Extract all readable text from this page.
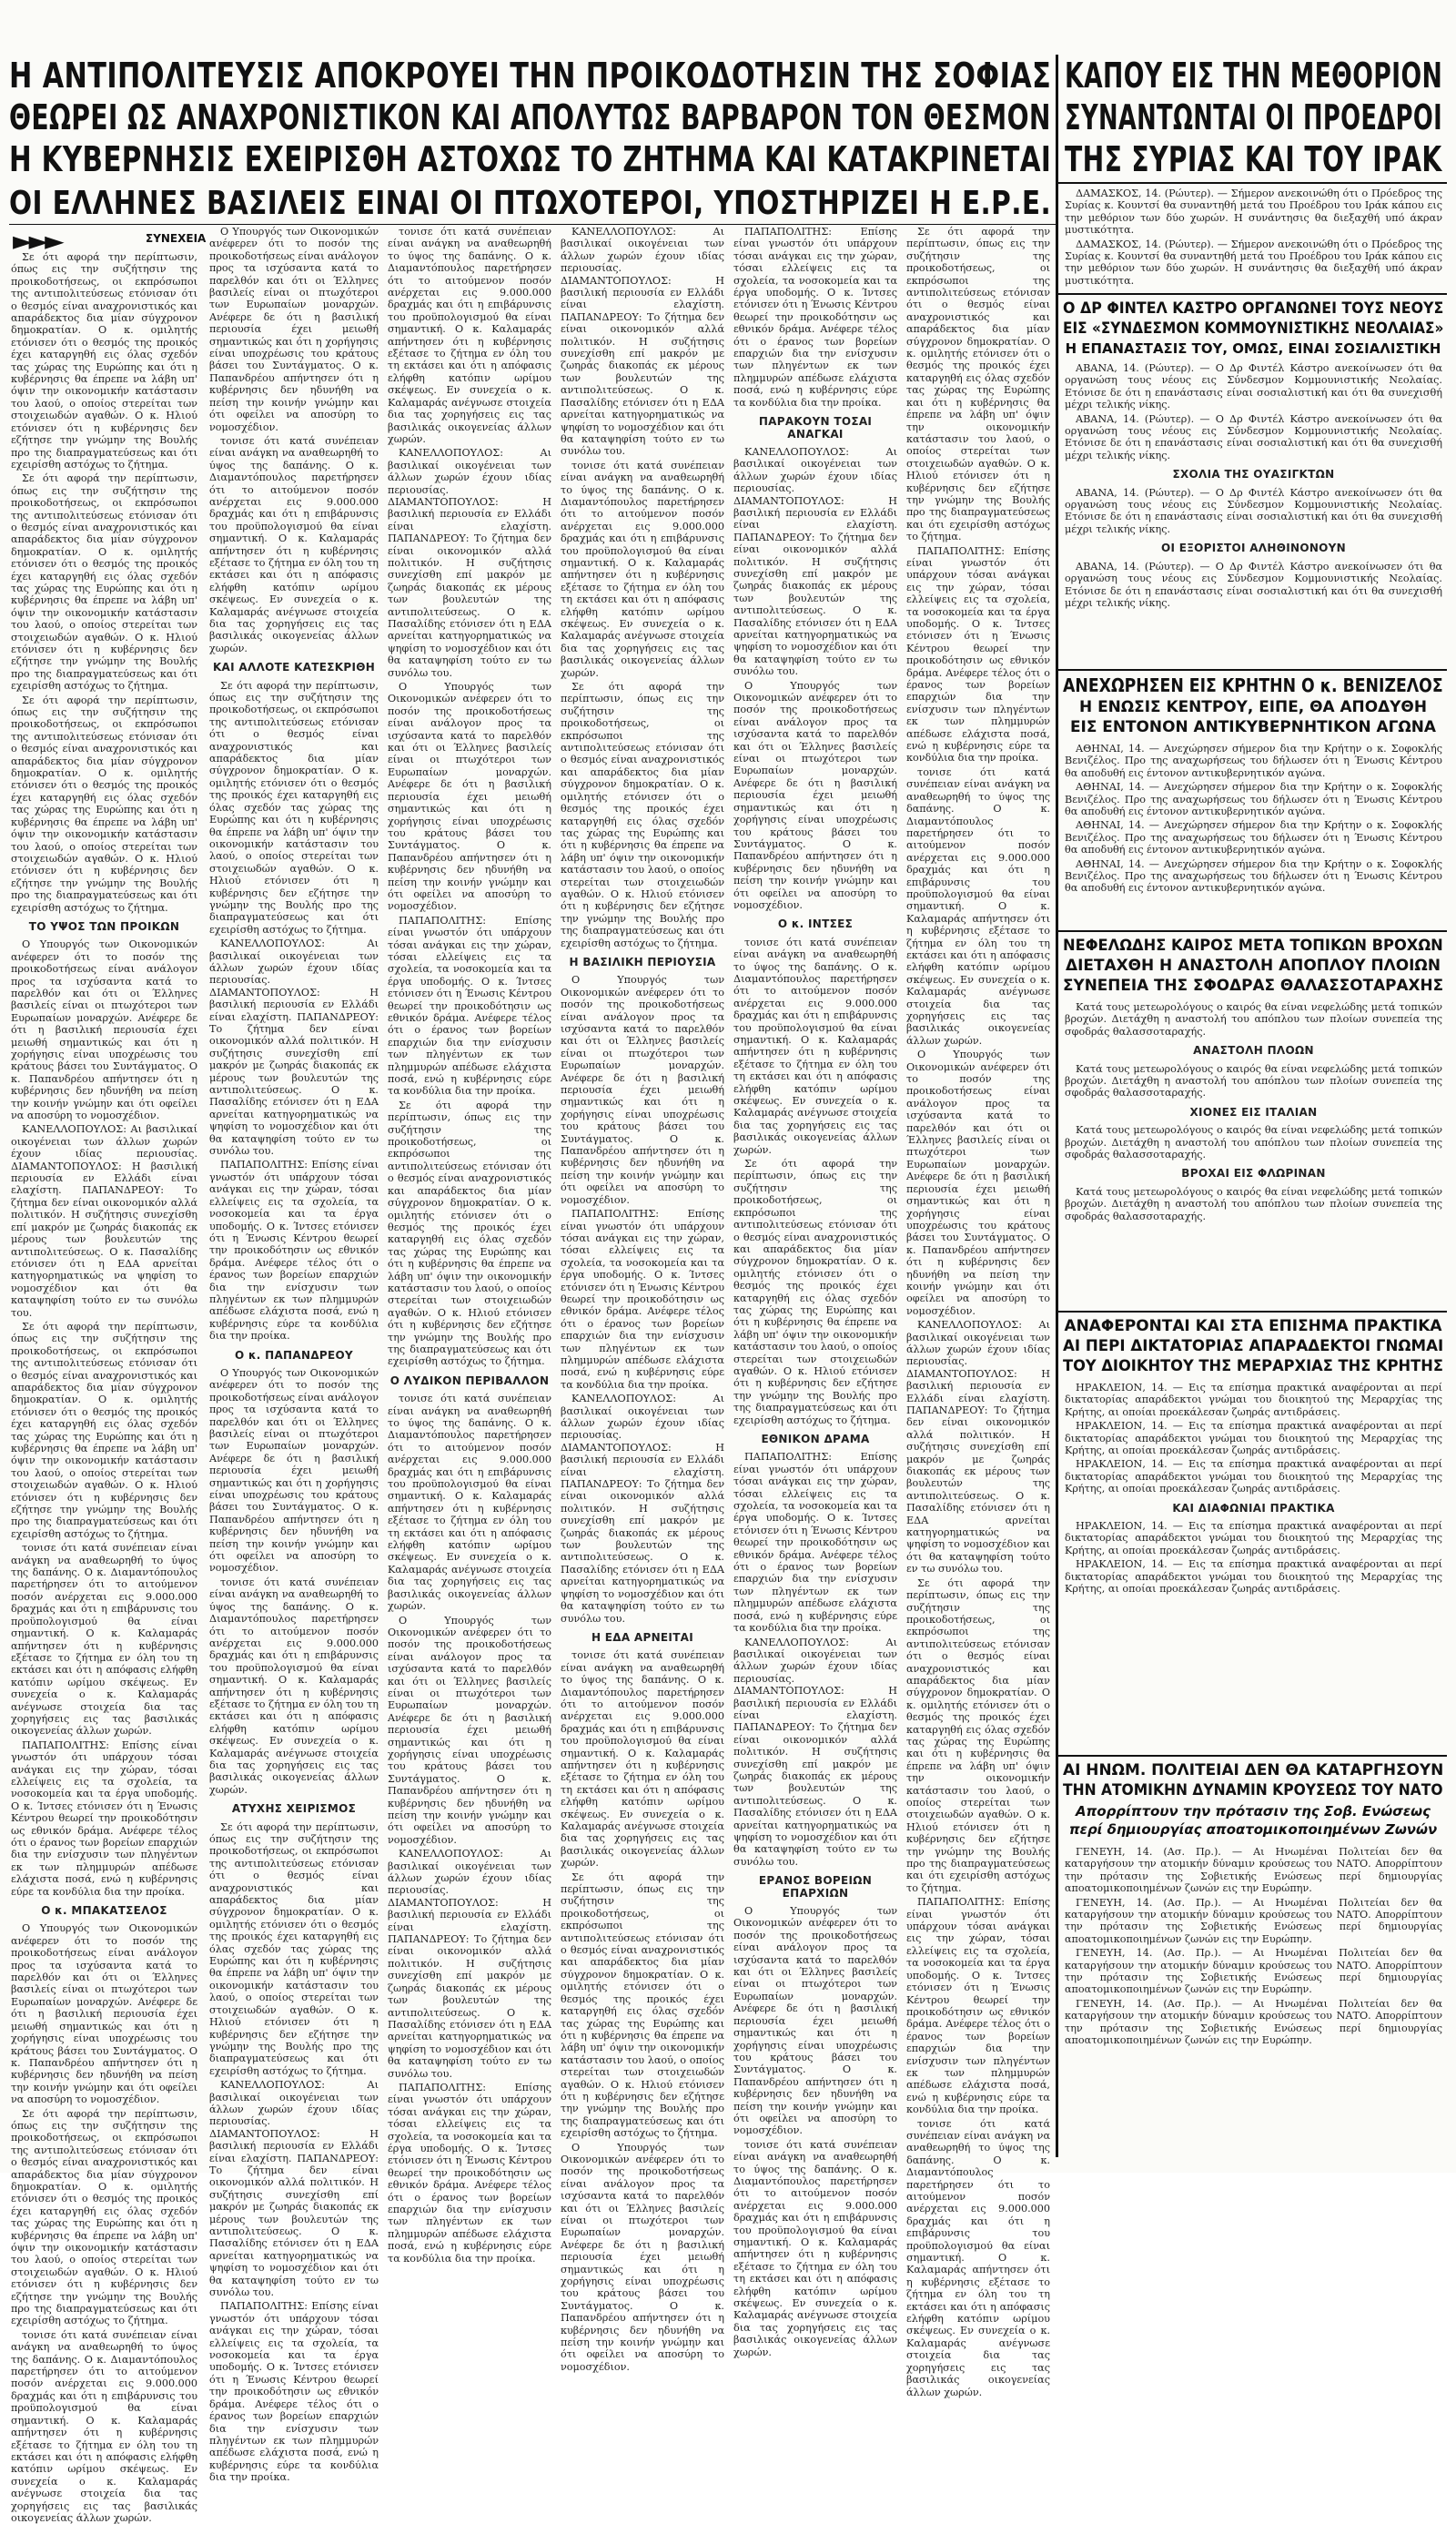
Η ΑΝΤΙΠΟΛΙΤΕΥΣΙΣ ΑΠΟΚΡΟΥΕΙ ΤΗΝ ΠΡΟΙΚΟΔΟΤΗΣΙΝ ΤΗΣ ΣΟΦΙΑΣ
ΘΕΩΡΕΙ ΩΣ ΑΝΑΧΡΟΝΙΣΤΙΚΟΝ ΚΑΙ ΑΠΟΛΥΤΩΣ ΒΑΡΒΑΡΟΝ ΤΟΝ ΘΕΣΜΟΝ
Η ΚΥΒΕΡΝΗΣΙΣ ΕΧΕΙΡΙΣΘΗ ΑΣΤΟΧΩΣ ΤΟ ΖΗΤΗΜΑ ΚΑΙ ΚΑΤΑΚΡΙΝΕΤΑΙ
ΟΙ ΕΛΛΗΝΕΣ ΒΑΣΙΛΕΙΣ ΕΙΝΑΙ ΟΙ ΠΤΩΧΟΤΕΡΟΙ, ΥΠΟΣΤΗΡΙΖΕΙ Η Ε.Ρ.Ε.
ΚΑΠΟΥ ΕΙΣ ΤΗΝ ΜΕΘΟΡΙΟΝ
ΣΥΝΑΝΤΩΝΤΑΙ ΟΙ ΠΡΟΕΔΡΟΙ
ΤΗΣ ΣΥΡΙΑΣ ΚΑΙ ΤΟΥ ΙΡΑΚ
►►►	ΣΥΝΕΧΕΙΑ

Σε ότι αφορά την περίπτωσιν, όπως εις την συζήτησιν της προικοδοτήσεως, οι εκπρόσωποι της αντιπολιτεύσεως ετόνισαν ότι ο θεσμός είναι αναχρονιστικός και απαράδεκτος δια μίαν σύγχρονον δημοκρατίαν. Ο κ. ομιλητής ετόνισεν ότι ο θεσμός της προικός έχει καταργηθή εις όλας σχεδόν τας χώρας της Ευρώπης και ότι η κυβέρνησις θα έπρεπε να λάβη υπ' όψιν την οικονομικήν κατάστασιν του λαού, ο οποίος στερείται των στοιχειωδών αγαθών. Ο κ. Ηλιού ετόνισεν ότι η κυβέρνησις δεν εζήτησε την γνώμην της Βουλής προ της διαπραγματεύσεως και ότι εχειρίσθη αστόχως το ζήτημα.

Σε ότι αφορά την περίπτωσιν, όπως εις την συζήτησιν της προικοδοτήσεως, οι εκπρόσωποι της αντιπολιτεύσεως ετόνισαν ότι ο θεσμός είναι αναχρονιστικός και απαράδεκτος δια μίαν σύγχρονον δημοκρατίαν. Ο κ. ομιλητής ετόνισεν ότι ο θεσμός της προικός έχει καταργηθή εις όλας σχεδόν τας χώρας της Ευρώπης και ότι η κυβέρνησις θα έπρεπε να λάβη υπ' όψιν την οικονομικήν κατάστασιν του λαού, ο οποίος στερείται των στοιχειωδών αγαθών. Ο κ. Ηλιού ετόνισεν ότι η κυβέρνησις δεν εζήτησε την γνώμην της Βουλής προ της διαπραγματεύσεως και ότι εχειρίσθη αστόχως το ζήτημα.

Σε ότι αφορά την περίπτωσιν, όπως εις την συζήτησιν της προικοδοτήσεως, οι εκπρόσωποι της αντιπολιτεύσεως ετόνισαν ότι ο θεσμός είναι αναχρονιστικός και απαράδεκτος δια μίαν σύγχρονον δημοκρατίαν. Ο κ. ομιλητής ετόνισεν ότι ο θεσμός της προικός έχει καταργηθή εις όλας σχεδόν τας χώρας της Ευρώπης και ότι η κυβέρνησις θα έπρεπε να λάβη υπ' όψιν την οικονομικήν κατάστασιν του λαού, ο οποίος στερείται των στοιχειωδών αγαθών. Ο κ. Ηλιού ετόνισεν ότι η κυβέρνησις δεν εζήτησε την γνώμην της Βουλής προ της διαπραγματεύσεως και ότι εχειρίσθη αστόχως το ζήτημα.

ΤΟ ΥΨΟΣ ΤΩΝ ΠΡΟΙΚΩΝ

Ο Υπουργός των Οικονομικών ανέφερεν ότι το ποσόν της προικοδοτήσεως είναι ανάλογον προς τα ισχύσαντα κατά το παρελθόν και ότι οι Έλληνες βασιλείς είναι οι πτωχότεροι των Ευρωπαίων μοναρχών. Ανέφερε δε ότι η βασιλική περιουσία έχει μειωθή σημαντικώς και ότι η χορήγησις είναι υποχρέωσις του κράτους βάσει του Συντάγματος. Ο κ. Παπανδρέου απήντησεν ότι η κυβέρνησις δεν ηδυνήθη να πείση την κοινήν γνώμην και ότι οφείλει να αποσύρη το νομοσχέδιον.

ΚΑΝΕΛΛΟΠΟΥΛΟΣ: Αι βασιλικαί οικογένειαι των άλλων χωρών έχουν ιδίας περιουσίας. ΔΙΑΜΑΝΤΟΠΟΥΛΟΣ: Η βασιλική περιουσία εν Ελλάδι είναι ελαχίστη. ΠΑΠΑΝΔΡΕΟΥ: Το ζήτημα δεν είναι οικονομικόν αλλά πολιτικόν. Η συζήτησις συνεχίσθη επί μακρόν με ζωηράς διακοπάς εκ μέρους των βουλευτών της αντιπολιτεύσεως. Ο κ. Πασαλίδης ετόνισεν ότι η ΕΔΑ αρνείται κατηγορηματικώς να ψηφίση το νομοσχέδιον και ότι θα καταψηφίση τούτο εν τω συνόλω του.

Σε ότι αφορά την περίπτωσιν, όπως εις την συζήτησιν της προικοδοτήσεως, οι εκπρόσωποι της αντιπολιτεύσεως ετόνισαν ότι ο θεσμός είναι αναχρονιστικός και απαράδεκτος δια μίαν σύγχρονον δημοκρατίαν. Ο κ. ομιλητής ετόνισεν ότι ο θεσμός της προικός έχει καταργηθή εις όλας σχεδόν τας χώρας της Ευρώπης και ότι η κυβέρνησις θα έπρεπε να λάβη υπ' όψιν την οικονομικήν κατάστασιν του λαού, ο οποίος στερείται των στοιχειωδών αγαθών. Ο κ. Ηλιού ετόνισεν ότι η κυβέρνησις δεν εζήτησε την γνώμην της Βουλής προ της διαπραγματεύσεως και ότι εχειρίσθη αστόχως το ζήτημα.

τονισε ότι κατά συνέπειαν είναι ανάγκη να αναθεωρηθή το ύψος της δαπάνης. Ο κ. Διαμαντόπουλος παρετήρησεν ότι το αιτούμενον ποσόν ανέρχεται εις 9.000.000 δραχμάς και ότι η επιβάρυνσις του προϋπολογισμού θα είναι σημαντική. Ο κ. Καλαμαράς απήντησεν ότι η κυβέρνησις εξέτασε το ζήτημα εν όλη του τη εκτάσει και ότι η απόφασις ελήφθη κατόπιν ωρίμου σκέψεως. Εν συνεχεία ο κ. Καλαμαράς ανέγνωσε στοιχεία δια τας χορηγήσεις εις τας βασιλικάς οικογενείας άλλων χωρών.

ΠΑΠΑΠΟΛΙΤΗΣ: Επίσης είναι γνωστόν ότι υπάρχουν τόσαι ανάγκαι εις την χώραν, τόσαι ελλείψεις εις τα σχολεία, τα νοσοκομεία και τα έργα υποδομής. Ο κ. Ίντσες ετόνισεν ότι η Ένωσις Κέντρου θεωρεί την προικοδότησιν ως εθνικόν δράμα. Ανέφερε τέλος ότι ο έρανος των βορείων επαρχιών δια την ενίσχυσιν των πληγέντων εκ των πλημμυρών απέδωσε ελάχιστα ποσά, ενώ η κυβέρνησις εύρε τα κονδύλια δια την προίκα.

Ο κ. ΜΠΑΚΑΤΣΕΛΟΣ

Ο Υπουργός των Οικονομικών ανέφερεν ότι το ποσόν της προικοδοτήσεως είναι ανάλογον προς τα ισχύσαντα κατά το παρελθόν και ότι οι Έλληνες βασιλείς είναι οι πτωχότεροι των Ευρωπαίων μοναρχών. Ανέφερε δε ότι η βασιλική περιουσία έχει μειωθή σημαντικώς και ότι η χορήγησις είναι υποχρέωσις του κράτους βάσει του Συντάγματος. Ο κ. Παπανδρέου απήντησεν ότι η κυβέρνησις δεν ηδυνήθη να πείση την κοινήν γνώμην και ότι οφείλει να αποσύρη το νομοσχέδιον.

Σε ότι αφορά την περίπτωσιν, όπως εις την συζήτησιν της προικοδοτήσεως, οι εκπρόσωποι της αντιπολιτεύσεως ετόνισαν ότι ο θεσμός είναι αναχρονιστικός και απαράδεκτος δια μίαν σύγχρονον δημοκρατίαν. Ο κ. ομιλητής ετόνισεν ότι ο θεσμός της προικός έχει καταργηθή εις όλας σχεδόν τας χώρας της Ευρώπης και ότι η κυβέρνησις θα έπρεπε να λάβη υπ' όψιν την οικονομικήν κατάστασιν του λαού, ο οποίος στερείται των στοιχειωδών αγαθών. Ο κ. Ηλιού ετόνισεν ότι η κυβέρνησις δεν εζήτησε την γνώμην της Βουλής προ της διαπραγματεύσεως και ότι εχειρίσθη αστόχως το ζήτημα.

τονισε ότι κατά συνέπειαν είναι ανάγκη να αναθεωρηθή το ύψος της δαπάνης. Ο κ. Διαμαντόπουλος παρετήρησεν ότι το αιτούμενον ποσόν ανέρχεται εις 9.000.000 δραχμάς και ότι η επιβάρυνσις του προϋπολογισμού θα είναι σημαντική. Ο κ. Καλαμαράς απήντησεν ότι η κυβέρνησις εξέτασε το ζήτημα εν όλη του τη εκτάσει και ότι η απόφασις ελήφθη κατόπιν ωρίμου σκέψεως. Εν συνεχεία ο κ. Καλαμαράς ανέγνωσε στοιχεία δια τας χορηγήσεις εις τας βασιλικάς οικογενείας άλλων χωρών.

Ο Υπουργός των Οικονομικών ανέφερεν ότι το ποσόν της προικοδοτήσεως είναι ανάλογον προς τα ισχύσαντα κατά το παρελθόν και ότι οι Έλληνες βασιλείς είναι οι πτωχότεροι των Ευρωπαίων μοναρχών. Ανέφερε δε ότι η βασιλική περιουσία έχει μειωθή σημαντικώς και ότι η χορήγησις είναι υποχρέωσις του κράτους βάσει του Συντάγματος. Ο κ. Παπανδρέου απήντησεν ότι η κυβέρνησις δεν ηδυνήθη να πείση την κοινήν γνώμην και ότι οφείλει να αποσύρη το νομοσχέδιον.

τονισε ότι κατά συνέπειαν είναι ανάγκη να αναθεωρηθή το ύψος της δαπάνης. Ο κ. Διαμαντόπουλος παρετήρησεν ότι το αιτούμενον ποσόν ανέρχεται εις 9.000.000 δραχμάς και ότι η επιβάρυνσις του προϋπολογισμού θα είναι σημαντική. Ο κ. Καλαμαράς απήντησεν ότι η κυβέρνησις εξέτασε το ζήτημα εν όλη του τη εκτάσει και ότι η απόφασις ελήφθη κατόπιν ωρίμου σκέψεως. Εν συνεχεία ο κ. Καλαμαράς ανέγνωσε στοιχεία δια τας χορηγήσεις εις τας βασιλικάς οικογενείας άλλων χωρών.

ΚΑΙ ΑΛΛΟΤΕ ΚΑΤΕΣΚΡΙΘΗ

Σε ότι αφορά την περίπτωσιν, όπως εις την συζήτησιν της προικοδοτήσεως, οι εκπρόσωποι της αντιπολιτεύσεως ετόνισαν ότι ο θεσμός είναι αναχρονιστικός και απαράδεκτος δια μίαν σύγχρονον δημοκρατίαν. Ο κ. ομιλητής ετόνισεν ότι ο θεσμός της προικός έχει καταργηθή εις όλας σχεδόν τας χώρας της Ευρώπης και ότι η κυβέρνησις θα έπρεπε να λάβη υπ' όψιν την οικονομικήν κατάστασιν του λαού, ο οποίος στερείται των στοιχειωδών αγαθών. Ο κ. Ηλιού ετόνισεν ότι η κυβέρνησις δεν εζήτησε την γνώμην της Βουλής προ της διαπραγματεύσεως και ότι εχειρίσθη αστόχως το ζήτημα.

ΚΑΝΕΛΛΟΠΟΥΛΟΣ: Αι βασιλικαί οικογένειαι των άλλων χωρών έχουν ιδίας περιουσίας. ΔΙΑΜΑΝΤΟΠΟΥΛΟΣ: Η βασιλική περιουσία εν Ελλάδι είναι ελαχίστη. ΠΑΠΑΝΔΡΕΟΥ: Το ζήτημα δεν είναι οικονομικόν αλλά πολιτικόν. Η συζήτησις συνεχίσθη επί μακρόν με ζωηράς διακοπάς εκ μέρους των βουλευτών της αντιπολιτεύσεως. Ο κ. Πασαλίδης ετόνισεν ότι η ΕΔΑ αρνείται κατηγορηματικώς να ψηφίση το νομοσχέδιον και ότι θα καταψηφίση τούτο εν τω συνόλω του.

ΠΑΠΑΠΟΛΙΤΗΣ: Επίσης είναι γνωστόν ότι υπάρχουν τόσαι ανάγκαι εις την χώραν, τόσαι ελλείψεις εις τα σχολεία, τα νοσοκομεία και τα έργα υποδομής. Ο κ. Ίντσες ετόνισεν ότι η Ένωσις Κέντρου θεωρεί την προικοδότησιν ως εθνικόν δράμα. Ανέφερε τέλος ότι ο έρανος των βορείων επαρχιών δια την ενίσχυσιν των πληγέντων εκ των πλημμυρών απέδωσε ελάχιστα ποσά, ενώ η κυβέρνησις εύρε τα κονδύλια δια την προίκα.

Ο κ. ΠΑΠΑΝΔΡΕΟΥ

Ο Υπουργός των Οικονομικών ανέφερεν ότι το ποσόν της προικοδοτήσεως είναι ανάλογον προς τα ισχύσαντα κατά το παρελθόν και ότι οι Έλληνες βασιλείς είναι οι πτωχότεροι των Ευρωπαίων μοναρχών. Ανέφερε δε ότι η βασιλική περιουσία έχει μειωθή σημαντικώς και ότι η χορήγησις είναι υποχρέωσις του κράτους βάσει του Συντάγματος. Ο κ. Παπανδρέου απήντησεν ότι η κυβέρνησις δεν ηδυνήθη να πείση την κοινήν γνώμην και ότι οφείλει να αποσύρη το νομοσχέδιον.

τονισε ότι κατά συνέπειαν είναι ανάγκη να αναθεωρηθή το ύψος της δαπάνης. Ο κ. Διαμαντόπουλος παρετήρησεν ότι το αιτούμενον ποσόν ανέρχεται εις 9.000.000 δραχμάς και ότι η επιβάρυνσις του προϋπολογισμού θα είναι σημαντική. Ο κ. Καλαμαράς απήντησεν ότι η κυβέρνησις εξέτασε το ζήτημα εν όλη του τη εκτάσει και ότι η απόφασις ελήφθη κατόπιν ωρίμου σκέψεως. Εν συνεχεία ο κ. Καλαμαράς ανέγνωσε στοιχεία δια τας χορηγήσεις εις τας βασιλικάς οικογενείας άλλων χωρών.

ΑΤΥΧΗΣ ΧΕΙΡΙΣΜΟΣ

Σε ότι αφορά την περίπτωσιν, όπως εις την συζήτησιν της προικοδοτήσεως, οι εκπρόσωποι της αντιπολιτεύσεως ετόνισαν ότι ο θεσμός είναι αναχρονιστικός και απαράδεκτος δια μίαν σύγχρονον δημοκρατίαν. Ο κ. ομιλητής ετόνισεν ότι ο θεσμός της προικός έχει καταργηθή εις όλας σχεδόν τας χώρας της Ευρώπης και ότι η κυβέρνησις θα έπρεπε να λάβη υπ' όψιν την οικονομικήν κατάστασιν του λαού, ο οποίος στερείται των στοιχειωδών αγαθών. Ο κ. Ηλιού ετόνισεν ότι η κυβέρνησις δεν εζήτησε την γνώμην της Βουλής προ της διαπραγματεύσεως και ότι εχειρίσθη αστόχως το ζήτημα.

ΚΑΝΕΛΛΟΠΟΥΛΟΣ: Αι βασιλικαί οικογένειαι των άλλων χωρών έχουν ιδίας περιουσίας. ΔΙΑΜΑΝΤΟΠΟΥΛΟΣ: Η βασιλική περιουσία εν Ελλάδι είναι ελαχίστη. ΠΑΠΑΝΔΡΕΟΥ: Το ζήτημα δεν είναι οικονομικόν αλλά πολιτικόν. Η συζήτησις συνεχίσθη επί μακρόν με ζωηράς διακοπάς εκ μέρους των βουλευτών της αντιπολιτεύσεως. Ο κ. Πασαλίδης ετόνισεν ότι η ΕΔΑ αρνείται κατηγορηματικώς να ψηφίση το νομοσχέδιον και ότι θα καταψηφίση τούτο εν τω συνόλω του.

ΠΑΠΑΠΟΛΙΤΗΣ: Επίσης είναι γνωστόν ότι υπάρχουν τόσαι ανάγκαι εις την χώραν, τόσαι ελλείψεις εις τα σχολεία, τα νοσοκομεία και τα έργα υποδομής. Ο κ. Ίντσες ετόνισεν ότι η Ένωσις Κέντρου θεωρεί την προικοδότησιν ως εθνικόν δράμα. Ανέφερε τέλος ότι ο έρανος των βορείων επαρχιών δια την ενίσχυσιν των πληγέντων εκ των πλημμυρών απέδωσε ελάχιστα ποσά, ενώ η κυβέρνησις εύρε τα κονδύλια δια την προίκα.

τονισε ότι κατά συνέπειαν είναι ανάγκη να αναθεωρηθή το ύψος της δαπάνης. Ο κ. Διαμαντόπουλος παρετήρησεν ότι το αιτούμενον ποσόν ανέρχεται εις 9.000.000 δραχμάς και ότι η επιβάρυνσις του προϋπολογισμού θα είναι σημαντική. Ο κ. Καλαμαράς απήντησεν ότι η κυβέρνησις εξέτασε το ζήτημα εν όλη του τη εκτάσει και ότι η απόφασις ελήφθη κατόπιν ωρίμου σκέψεως. Εν συνεχεία ο κ. Καλαμαράς ανέγνωσε στοιχεία δια τας χορηγήσεις εις τας βασιλικάς οικογενείας άλλων χωρών.

ΚΑΝΕΛΛΟΠΟΥΛΟΣ: Αι βασιλικαί οικογένειαι των άλλων χωρών έχουν ιδίας περιουσίας. ΔΙΑΜΑΝΤΟΠΟΥΛΟΣ: Η βασιλική περιουσία εν Ελλάδι είναι ελαχίστη. ΠΑΠΑΝΔΡΕΟΥ: Το ζήτημα δεν είναι οικονομικόν αλλά πολιτικόν. Η συζήτησις συνεχίσθη επί μακρόν με ζωηράς διακοπάς εκ μέρους των βουλευτών της αντιπολιτεύσεως. Ο κ. Πασαλίδης ετόνισεν ότι η ΕΔΑ αρνείται κατηγορηματικώς να ψηφίση το νομοσχέδιον και ότι θα καταψηφίση τούτο εν τω συνόλω του.

Ο Υπουργός των Οικονομικών ανέφερεν ότι το ποσόν της προικοδοτήσεως είναι ανάλογον προς τα ισχύσαντα κατά το παρελθόν και ότι οι Έλληνες βασιλείς είναι οι πτωχότεροι των Ευρωπαίων μοναρχών. Ανέφερε δε ότι η βασιλική περιουσία έχει μειωθή σημαντικώς και ότι η χορήγησις είναι υποχρέωσις του κράτους βάσει του Συντάγματος. Ο κ. Παπανδρέου απήντησεν ότι η κυβέρνησις δεν ηδυνήθη να πείση την κοινήν γνώμην και ότι οφείλει να αποσύρη το νομοσχέδιον.

ΠΑΠΑΠΟΛΙΤΗΣ: Επίσης είναι γνωστόν ότι υπάρχουν τόσαι ανάγκαι εις την χώραν, τόσαι ελλείψεις εις τα σχολεία, τα νοσοκομεία και τα έργα υποδομής. Ο κ. Ίντσες ετόνισεν ότι η Ένωσις Κέντρου θεωρεί την προικοδότησιν ως εθνικόν δράμα. Ανέφερε τέλος ότι ο έρανος των βορείων επαρχιών δια την ενίσχυσιν των πληγέντων εκ των πλημμυρών απέδωσε ελάχιστα ποσά, ενώ η κυβέρνησις εύρε τα κονδύλια δια την προίκα.

Σε ότι αφορά την περίπτωσιν, όπως εις την συζήτησιν της προικοδοτήσεως, οι εκπρόσωποι της αντιπολιτεύσεως ετόνισαν ότι ο θεσμός είναι αναχρονιστικός και απαράδεκτος δια μίαν σύγχρονον δημοκρατίαν. Ο κ. ομιλητής ετόνισεν ότι ο θεσμός της προικός έχει καταργηθή εις όλας σχεδόν τας χώρας της Ευρώπης και ότι η κυβέρνησις θα έπρεπε να λάβη υπ' όψιν την οικονομικήν κατάστασιν του λαού, ο οποίος στερείται των στοιχειωδών αγαθών. Ο κ. Ηλιού ετόνισεν ότι η κυβέρνησις δεν εζήτησε την γνώμην της Βουλής προ της διαπραγματεύσεως και ότι εχειρίσθη αστόχως το ζήτημα.

Ο ΛΥΔΙΚΟΝ ΠΕΡΙΒΑΛΛΟΝ

τονισε ότι κατά συνέπειαν είναι ανάγκη να αναθεωρηθή το ύψος της δαπάνης. Ο κ. Διαμαντόπουλος παρετήρησεν ότι το αιτούμενον ποσόν ανέρχεται εις 9.000.000 δραχμάς και ότι η επιβάρυνσις του προϋπολογισμού θα είναι σημαντική. Ο κ. Καλαμαράς απήντησεν ότι η κυβέρνησις εξέτασε το ζήτημα εν όλη του τη εκτάσει και ότι η απόφασις ελήφθη κατόπιν ωρίμου σκέψεως. Εν συνεχεία ο κ. Καλαμαράς ανέγνωσε στοιχεία δια τας χορηγήσεις εις τας βασιλικάς οικογενείας άλλων χωρών.

Ο Υπουργός των Οικονομικών ανέφερεν ότι το ποσόν της προικοδοτήσεως είναι ανάλογον προς τα ισχύσαντα κατά το παρελθόν και ότι οι Έλληνες βασιλείς είναι οι πτωχότεροι των Ευρωπαίων μοναρχών. Ανέφερε δε ότι η βασιλική περιουσία έχει μειωθή σημαντικώς και ότι η χορήγησις είναι υποχρέωσις του κράτους βάσει του Συντάγματος. Ο κ. Παπανδρέου απήντησεν ότι η κυβέρνησις δεν ηδυνήθη να πείση την κοινήν γνώμην και ότι οφείλει να αποσύρη το νομοσχέδιον.

ΚΑΝΕΛΛΟΠΟΥΛΟΣ: Αι βασιλικαί οικογένειαι των άλλων χωρών έχουν ιδίας περιουσίας. ΔΙΑΜΑΝΤΟΠΟΥΛΟΣ: Η βασιλική περιουσία εν Ελλάδι είναι ελαχίστη. ΠΑΠΑΝΔΡΕΟΥ: Το ζήτημα δεν είναι οικονομικόν αλλά πολιτικόν. Η συζήτησις συνεχίσθη επί μακρόν με ζωηράς διακοπάς εκ μέρους των βουλευτών της αντιπολιτεύσεως. Ο κ. Πασαλίδης ετόνισεν ότι η ΕΔΑ αρνείται κατηγορηματικώς να ψηφίση το νομοσχέδιον και ότι θα καταψηφίση τούτο εν τω συνόλω του.

ΠΑΠΑΠΟΛΙΤΗΣ: Επίσης είναι γνωστόν ότι υπάρχουν τόσαι ανάγκαι εις την χώραν, τόσαι ελλείψεις εις τα σχολεία, τα νοσοκομεία και τα έργα υποδομής. Ο κ. Ίντσες ετόνισεν ότι η Ένωσις Κέντρου θεωρεί την προικοδότησιν ως εθνικόν δράμα. Ανέφερε τέλος ότι ο έρανος των βορείων επαρχιών δια την ενίσχυσιν των πληγέντων εκ των πλημμυρών απέδωσε ελάχιστα ποσά, ενώ η κυβέρνησις εύρε τα κονδύλια δια την προίκα.

ΚΑΝΕΛΛΟΠΟΥΛΟΣ: Αι βασιλικαί οικογένειαι των άλλων χωρών έχουν ιδίας περιουσίας. ΔΙΑΜΑΝΤΟΠΟΥΛΟΣ: Η βασιλική περιουσία εν Ελλάδι είναι ελαχίστη. ΠΑΠΑΝΔΡΕΟΥ: Το ζήτημα δεν είναι οικονομικόν αλλά πολιτικόν. Η συζήτησις συνεχίσθη επί μακρόν με ζωηράς διακοπάς εκ μέρους των βουλευτών της αντιπολιτεύσεως. Ο κ. Πασαλίδης ετόνισεν ότι η ΕΔΑ αρνείται κατηγορηματικώς να ψηφίση το νομοσχέδιον και ότι θα καταψηφίση τούτο εν τω συνόλω του.

τονισε ότι κατά συνέπειαν είναι ανάγκη να αναθεωρηθή το ύψος της δαπάνης. Ο κ. Διαμαντόπουλος παρετήρησεν ότι το αιτούμενον ποσόν ανέρχεται εις 9.000.000 δραχμάς και ότι η επιβάρυνσις του προϋπολογισμού θα είναι σημαντική. Ο κ. Καλαμαράς απήντησεν ότι η κυβέρνησις εξέτασε το ζήτημα εν όλη του τη εκτάσει και ότι η απόφασις ελήφθη κατόπιν ωρίμου σκέψεως. Εν συνεχεία ο κ. Καλαμαράς ανέγνωσε στοιχεία δια τας χορηγήσεις εις τας βασιλικάς οικογενείας άλλων χωρών.

Σε ότι αφορά την περίπτωσιν, όπως εις την συζήτησιν της προικοδοτήσεως, οι εκπρόσωποι της αντιπολιτεύσεως ετόνισαν ότι ο θεσμός είναι αναχρονιστικός και απαράδεκτος δια μίαν σύγχρονον δημοκρατίαν. Ο κ. ομιλητής ετόνισεν ότι ο θεσμός της προικός έχει καταργηθή εις όλας σχεδόν τας χώρας της Ευρώπης και ότι η κυβέρνησις θα έπρεπε να λάβη υπ' όψιν την οικονομικήν κατάστασιν του λαού, ο οποίος στερείται των στοιχειωδών αγαθών. Ο κ. Ηλιού ετόνισεν ότι η κυβέρνησις δεν εζήτησε την γνώμην της Βουλής προ της διαπραγματεύσεως και ότι εχειρίσθη αστόχως το ζήτημα.

Η ΒΑΣΙΛΙΚΗ ΠΕΡΙΟΥΣΙΑ

Ο Υπουργός των Οικονομικών ανέφερεν ότι το ποσόν της προικοδοτήσεως είναι ανάλογον προς τα ισχύσαντα κατά το παρελθόν και ότι οι Έλληνες βασιλείς είναι οι πτωχότεροι των Ευρωπαίων μοναρχών. Ανέφερε δε ότι η βασιλική περιουσία έχει μειωθή σημαντικώς και ότι η χορήγησις είναι υποχρέωσις του κράτους βάσει του Συντάγματος. Ο κ. Παπανδρέου απήντησεν ότι η κυβέρνησις δεν ηδυνήθη να πείση την κοινήν γνώμην και ότι οφείλει να αποσύρη το νομοσχέδιον.

ΠΑΠΑΠΟΛΙΤΗΣ: Επίσης είναι γνωστόν ότι υπάρχουν τόσαι ανάγκαι εις την χώραν, τόσαι ελλείψεις εις τα σχολεία, τα νοσοκομεία και τα έργα υποδομής. Ο κ. Ίντσες ετόνισεν ότι η Ένωσις Κέντρου θεωρεί την προικοδότησιν ως εθνικόν δράμα. Ανέφερε τέλος ότι ο έρανος των βορείων επαρχιών δια την ενίσχυσιν των πληγέντων εκ των πλημμυρών απέδωσε ελάχιστα ποσά, ενώ η κυβέρνησις εύρε τα κονδύλια δια την προίκα.

ΚΑΝΕΛΛΟΠΟΥΛΟΣ: Αι βασιλικαί οικογένειαι των άλλων χωρών έχουν ιδίας περιουσίας. ΔΙΑΜΑΝΤΟΠΟΥΛΟΣ: Η βασιλική περιουσία εν Ελλάδι είναι ελαχίστη. ΠΑΠΑΝΔΡΕΟΥ: Το ζήτημα δεν είναι οικονομικόν αλλά πολιτικόν. Η συζήτησις συνεχίσθη επί μακρόν με ζωηράς διακοπάς εκ μέρους των βουλευτών της αντιπολιτεύσεως. Ο κ. Πασαλίδης ετόνισεν ότι η ΕΔΑ αρνείται κατηγορηματικώς να ψηφίση το νομοσχέδιον και ότι θα καταψηφίση τούτο εν τω συνόλω του.

Η ΕΔΑ ΑΡΝΕΙΤΑΙ

τονισε ότι κατά συνέπειαν είναι ανάγκη να αναθεωρηθή το ύψος της δαπάνης. Ο κ. Διαμαντόπουλος παρετήρησεν ότι το αιτούμενον ποσόν ανέρχεται εις 9.000.000 δραχμάς και ότι η επιβάρυνσις του προϋπολογισμού θα είναι σημαντική. Ο κ. Καλαμαράς απήντησεν ότι η κυβέρνησις εξέτασε το ζήτημα εν όλη του τη εκτάσει και ότι η απόφασις ελήφθη κατόπιν ωρίμου σκέψεως. Εν συνεχεία ο κ. Καλαμαράς ανέγνωσε στοιχεία δια τας χορηγήσεις εις τας βασιλικάς οικογενείας άλλων χωρών.

Σε ότι αφορά την περίπτωσιν, όπως εις την συζήτησιν της προικοδοτήσεως, οι εκπρόσωποι της αντιπολιτεύσεως ετόνισαν ότι ο θεσμός είναι αναχρονιστικός και απαράδεκτος δια μίαν σύγχρονον δημοκρατίαν. Ο κ. ομιλητής ετόνισεν ότι ο θεσμός της προικός έχει καταργηθή εις όλας σχεδόν τας χώρας της Ευρώπης και ότι η κυβέρνησις θα έπρεπε να λάβη υπ' όψιν την οικονομικήν κατάστασιν του λαού, ο οποίος στερείται των στοιχειωδών αγαθών. Ο κ. Ηλιού ετόνισεν ότι η κυβέρνησις δεν εζήτησε την γνώμην της Βουλής προ της διαπραγματεύσεως και ότι εχειρίσθη αστόχως το ζήτημα.

Ο Υπουργός των Οικονομικών ανέφερεν ότι το ποσόν της προικοδοτήσεως είναι ανάλογον προς τα ισχύσαντα κατά το παρελθόν και ότι οι Έλληνες βασιλείς είναι οι πτωχότεροι των Ευρωπαίων μοναρχών. Ανέφερε δε ότι η βασιλική περιουσία έχει μειωθή σημαντικώς και ότι η χορήγησις είναι υποχρέωσις του κράτους βάσει του Συντάγματος. Ο κ. Παπανδρέου απήντησεν ότι η κυβέρνησις δεν ηδυνήθη να πείση την κοινήν γνώμην και ότι οφείλει να αποσύρη το νομοσχέδιον.

ΠΑΠΑΠΟΛΙΤΗΣ: Επίσης είναι γνωστόν ότι υπάρχουν τόσαι ανάγκαι εις την χώραν, τόσαι ελλείψεις εις τα σχολεία, τα νοσοκομεία και τα έργα υποδομής. Ο κ. Ίντσες ετόνισεν ότι η Ένωσις Κέντρου θεωρεί την προικοδότησιν ως εθνικόν δράμα. Ανέφερε τέλος ότι ο έρανος των βορείων επαρχιών δια την ενίσχυσιν των πληγέντων εκ των πλημμυρών απέδωσε ελάχιστα ποσά, ενώ η κυβέρνησις εύρε τα κονδύλια δια την προίκα.

ΠΑΡΑΚΟΥΝ ΤΟΣΑΙ ΑΝΑΓΚΑΙ

ΚΑΝΕΛΛΟΠΟΥΛΟΣ: Αι βασιλικαί οικογένειαι των άλλων χωρών έχουν ιδίας περιουσίας. ΔΙΑΜΑΝΤΟΠΟΥΛΟΣ: Η βασιλική περιουσία εν Ελλάδι είναι ελαχίστη. ΠΑΠΑΝΔΡΕΟΥ: Το ζήτημα δεν είναι οικονομικόν αλλά πολιτικόν. Η συζήτησις συνεχίσθη επί μακρόν με ζωηράς διακοπάς εκ μέρους των βουλευτών της αντιπολιτεύσεως. Ο κ. Πασαλίδης ετόνισεν ότι η ΕΔΑ αρνείται κατηγορηματικώς να ψηφίση το νομοσχέδιον και ότι θα καταψηφίση τούτο εν τω συνόλω του.

Ο Υπουργός των Οικονομικών ανέφερεν ότι το ποσόν της προικοδοτήσεως είναι ανάλογον προς τα ισχύσαντα κατά το παρελθόν και ότι οι Έλληνες βασιλείς είναι οι πτωχότεροι των Ευρωπαίων μοναρχών. Ανέφερε δε ότι η βασιλική περιουσία έχει μειωθή σημαντικώς και ότι η χορήγησις είναι υποχρέωσις του κράτους βάσει του Συντάγματος. Ο κ. Παπανδρέου απήντησεν ότι η κυβέρνησις δεν ηδυνήθη να πείση την κοινήν γνώμην και ότι οφείλει να αποσύρη το νομοσχέδιον.

Ο κ. ΙΝΤΣΕΣ

τονισε ότι κατά συνέπειαν είναι ανάγκη να αναθεωρηθή το ύψος της δαπάνης. Ο κ. Διαμαντόπουλος παρετήρησεν ότι το αιτούμενον ποσόν ανέρχεται εις 9.000.000 δραχμάς και ότι η επιβάρυνσις του προϋπολογισμού θα είναι σημαντική. Ο κ. Καλαμαράς απήντησεν ότι η κυβέρνησις εξέτασε το ζήτημα εν όλη του τη εκτάσει και ότι η απόφασις ελήφθη κατόπιν ωρίμου σκέψεως. Εν συνεχεία ο κ. Καλαμαράς ανέγνωσε στοιχεία δια τας χορηγήσεις εις τας βασιλικάς οικογενείας άλλων χωρών.

Σε ότι αφορά την περίπτωσιν, όπως εις την συζήτησιν της προικοδοτήσεως, οι εκπρόσωποι της αντιπολιτεύσεως ετόνισαν ότι ο θεσμός είναι αναχρονιστικός και απαράδεκτος δια μίαν σύγχρονον δημοκρατίαν. Ο κ. ομιλητής ετόνισεν ότι ο θεσμός της προικός έχει καταργηθή εις όλας σχεδόν τας χώρας της Ευρώπης και ότι η κυβέρνησις θα έπρεπε να λάβη υπ' όψιν την οικονομικήν κατάστασιν του λαού, ο οποίος στερείται των στοιχειωδών αγαθών. Ο κ. Ηλιού ετόνισεν ότι η κυβέρνησις δεν εζήτησε την γνώμην της Βουλής προ της διαπραγματεύσεως και ότι εχειρίσθη αστόχως το ζήτημα.

ΕΘΝΙΚΟΝ ΔΡΑΜΑ

ΠΑΠΑΠΟΛΙΤΗΣ: Επίσης είναι γνωστόν ότι υπάρχουν τόσαι ανάγκαι εις την χώραν, τόσαι ελλείψεις εις τα σχολεία, τα νοσοκομεία και τα έργα υποδομής. Ο κ. Ίντσες ετόνισεν ότι η Ένωσις Κέντρου θεωρεί την προικοδότησιν ως εθνικόν δράμα. Ανέφερε τέλος ότι ο έρανος των βορείων επαρχιών δια την ενίσχυσιν των πληγέντων εκ των πλημμυρών απέδωσε ελάχιστα ποσά, ενώ η κυβέρνησις εύρε τα κονδύλια δια την προίκα.

ΚΑΝΕΛΛΟΠΟΥΛΟΣ: Αι βασιλικαί οικογένειαι των άλλων χωρών έχουν ιδίας περιουσίας. ΔΙΑΜΑΝΤΟΠΟΥΛΟΣ: Η βασιλική περιουσία εν Ελλάδι είναι ελαχίστη. ΠΑΠΑΝΔΡΕΟΥ: Το ζήτημα δεν είναι οικονομικόν αλλά πολιτικόν. Η συζήτησις συνεχίσθη επί μακρόν με ζωηράς διακοπάς εκ μέρους των βουλευτών της αντιπολιτεύσεως. Ο κ. Πασαλίδης ετόνισεν ότι η ΕΔΑ αρνείται κατηγορηματικώς να ψηφίση το νομοσχέδιον και ότι θα καταψηφίση τούτο εν τω συνόλω του.

ΕΡΑΝΟΣ ΒΟΡΕΙΩΝ ΕΠΑΡΧΙΩΝ

Ο Υπουργός των Οικονομικών ανέφερεν ότι το ποσόν της προικοδοτήσεως είναι ανάλογον προς τα ισχύσαντα κατά το παρελθόν και ότι οι Έλληνες βασιλείς είναι οι πτωχότεροι των Ευρωπαίων μοναρχών. Ανέφερε δε ότι η βασιλική περιουσία έχει μειωθή σημαντικώς και ότι η χορήγησις είναι υποχρέωσις του κράτους βάσει του Συντάγματος. Ο κ. Παπανδρέου απήντησεν ότι η κυβέρνησις δεν ηδυνήθη να πείση την κοινήν γνώμην και ότι οφείλει να αποσύρη το νομοσχέδιον.

τονισε ότι κατά συνέπειαν είναι ανάγκη να αναθεωρηθή το ύψος της δαπάνης. Ο κ. Διαμαντόπουλος παρετήρησεν ότι το αιτούμενον ποσόν ανέρχεται εις 9.000.000 δραχμάς και ότι η επιβάρυνσις του προϋπολογισμού θα είναι σημαντική. Ο κ. Καλαμαράς απήντησεν ότι η κυβέρνησις εξέτασε το ζήτημα εν όλη του τη εκτάσει και ότι η απόφασις ελήφθη κατόπιν ωρίμου σκέψεως. Εν συνεχεία ο κ. Καλαμαράς ανέγνωσε στοιχεία δια τας χορηγήσεις εις τας βασιλικάς οικογενείας άλλων χωρών.

Σε ότι αφορά την περίπτωσιν, όπως εις την συζήτησιν της προικοδοτήσεως, οι εκπρόσωποι της αντιπολιτεύσεως ετόνισαν ότι ο θεσμός είναι αναχρονιστικός και απαράδεκτος δια μίαν σύγχρονον δημοκρατίαν. Ο κ. ομιλητής ετόνισεν ότι ο θεσμός της προικός έχει καταργηθή εις όλας σχεδόν τας χώρας της Ευρώπης και ότι η κυβέρνησις θα έπρεπε να λάβη υπ' όψιν την οικονομικήν κατάστασιν του λαού, ο οποίος στερείται των στοιχειωδών αγαθών. Ο κ. Ηλιού ετόνισεν ότι η κυβέρνησις δεν εζήτησε την γνώμην της Βουλής προ της διαπραγματεύσεως και ότι εχειρίσθη αστόχως το ζήτημα.

ΠΑΠΑΠΟΛΙΤΗΣ: Επίσης είναι γνωστόν ότι υπάρχουν τόσαι ανάγκαι εις την χώραν, τόσαι ελλείψεις εις τα σχολεία, τα νοσοκομεία και τα έργα υποδομής. Ο κ. Ίντσες ετόνισεν ότι η Ένωσις Κέντρου θεωρεί την προικοδότησιν ως εθνικόν δράμα. Ανέφερε τέλος ότι ο έρανος των βορείων επαρχιών δια την ενίσχυσιν των πληγέντων εκ των πλημμυρών απέδωσε ελάχιστα ποσά, ενώ η κυβέρνησις εύρε τα κονδύλια δια την προίκα.

τονισε ότι κατά συνέπειαν είναι ανάγκη να αναθεωρηθή το ύψος της δαπάνης. Ο κ. Διαμαντόπουλος παρετήρησεν ότι το αιτούμενον ποσόν ανέρχεται εις 9.000.000 δραχμάς και ότι η επιβάρυνσις του προϋπολογισμού θα είναι σημαντική. Ο κ. Καλαμαράς απήντησεν ότι η κυβέρνησις εξέτασε το ζήτημα εν όλη του τη εκτάσει και ότι η απόφασις ελήφθη κατόπιν ωρίμου σκέψεως. Εν συνεχεία ο κ. Καλαμαράς ανέγνωσε στοιχεία δια τας χορηγήσεις εις τας βασιλικάς οικογενείας άλλων χωρών.

Ο Υπουργός των Οικονομικών ανέφερεν ότι το ποσόν της προικοδοτήσεως είναι ανάλογον προς τα ισχύσαντα κατά το παρελθόν και ότι οι Έλληνες βασιλείς είναι οι πτωχότεροι των Ευρωπαίων μοναρχών. Ανέφερε δε ότι η βασιλική περιουσία έχει μειωθή σημαντικώς και ότι η χορήγησις είναι υποχρέωσις του κράτους βάσει του Συντάγματος. Ο κ. Παπανδρέου απήντησεν ότι η κυβέρνησις δεν ηδυνήθη να πείση την κοινήν γνώμην και ότι οφείλει να αποσύρη το νομοσχέδιον.

ΚΑΝΕΛΛΟΠΟΥΛΟΣ: Αι βασιλικαί οικογένειαι των άλλων χωρών έχουν ιδίας περιουσίας. ΔΙΑΜΑΝΤΟΠΟΥΛΟΣ: Η βασιλική περιουσία εν Ελλάδι είναι ελαχίστη. ΠΑΠΑΝΔΡΕΟΥ: Το ζήτημα δεν είναι οικονομικόν αλλά πολιτικόν. Η συζήτησις συνεχίσθη επί μακρόν με ζωηράς διακοπάς εκ μέρους των βουλευτών της αντιπολιτεύσεως. Ο κ. Πασαλίδης ετόνισεν ότι η ΕΔΑ αρνείται κατηγορηματικώς να ψηφίση το νομοσχέδιον και ότι θα καταψηφίση τούτο εν τω συνόλω του.

Σε ότι αφορά την περίπτωσιν, όπως εις την συζήτησιν της προικοδοτήσεως, οι εκπρόσωποι της αντιπολιτεύσεως ετόνισαν ότι ο θεσμός είναι αναχρονιστικός και απαράδεκτος δια μίαν σύγχρονον δημοκρατίαν. Ο κ. ομιλητής ετόνισεν ότι ο θεσμός της προικός έχει καταργηθή εις όλας σχεδόν τας χώρας της Ευρώπης και ότι η κυβέρνησις θα έπρεπε να λάβη υπ' όψιν την οικονομικήν κατάστασιν του λαού, ο οποίος στερείται των στοιχειωδών αγαθών. Ο κ. Ηλιού ετόνισεν ότι η κυβέρνησις δεν εζήτησε την γνώμην της Βουλής προ της διαπραγματεύσεως και ότι εχειρίσθη αστόχως το ζήτημα.

ΠΑΠΑΠΟΛΙΤΗΣ: Επίσης είναι γνωστόν ότι υπάρχουν τόσαι ανάγκαι εις την χώραν, τόσαι ελλείψεις εις τα σχολεία, τα νοσοκομεία και τα έργα υποδομής. Ο κ. Ίντσες ετόνισεν ότι η Ένωσις Κέντρου θεωρεί την προικοδότησιν ως εθνικόν δράμα. Ανέφερε τέλος ότι ο έρανος των βορείων επαρχιών δια την ενίσχυσιν των πληγέντων εκ των πλημμυρών απέδωσε ελάχιστα ποσά, ενώ η κυβέρνησις εύρε τα κονδύλια δια την προίκα.

τονισε ότι κατά συνέπειαν είναι ανάγκη να αναθεωρηθή το ύψος της δαπάνης. Ο κ. Διαμαντόπουλος παρετήρησεν ότι το αιτούμενον ποσόν ανέρχεται εις 9.000.000 δραχμάς και ότι η επιβάρυνσις του προϋπολογισμού θα είναι σημαντική. Ο κ. Καλαμαράς απήντησεν ότι η κυβέρνησις εξέτασε το ζήτημα εν όλη του τη εκτάσει και ότι η απόφασις ελήφθη κατόπιν ωρίμου σκέψεως. Εν συνεχεία ο κ. Καλαμαράς ανέγνωσε στοιχεία δια τας χορηγήσεις εις τας βασιλικάς οικογενείας άλλων χωρών.

ΔΑΜΑΣΚΟΣ, 14. (Ρώυτερ). — Σήμερον ανεκοινώθη ότι ο Πρόεδρος της Συρίας κ. Κουντσί θα συναντηθή μετά του Προέδρου του Ιράκ κάπου εις την μεθόριον των δύο χωρών. Η συνάντησις θα διεξαχθή υπό άκραν μυστικότητα.

ΔΑΜΑΣΚΟΣ, 14. (Ρώυτερ). — Σήμερον ανεκοινώθη ότι ο Πρόεδρος της Συρίας κ. Κουντσί θα συναντηθή μετά του Προέδρου του Ιράκ κάπου εις την μεθόριον των δύο χωρών. Η συνάντησις θα διεξαχθή υπό άκραν μυστικότητα.

Ο ΔΡ ΦΙΝΤΕΛ ΚΑΣΤΡΟ ΟΡΓΑΝΩΝΕΙ ΤΟΥΣ ΝΕΟΥΣ
ΕΙΣ «ΣΥΝΔΕΣΜΟΝ ΚΟΜΜΟΥΝΙΣΤΙΚΗΣ ΝΕΟΛΑΙΑΣ»
Η ΕΠΑΝΑΣΤΑΣΙΣ ΤΟΥ, ΟΜΩΣ, ΕΙΝΑΙ ΣΟΣΙΑΛΙΣΤΙΚΗ

ΑΒΑΝΑ, 14. (Ρώυτερ). — Ο Δρ Φιντέλ Κάστρο ανεκοίνωσεν ότι θα οργανώση τους νέους εις Σύνδεσμον Κομμουνιστικής Νεολαίας. Ετόνισε δε ότι η επανάστασις είναι σοσιαλιστική και ότι θα συνεχισθή μέχρι τελικής νίκης.

ΑΒΑΝΑ, 14. (Ρώυτερ). — Ο Δρ Φιντέλ Κάστρο ανεκοίνωσεν ότι θα οργανώση τους νέους εις Σύνδεσμον Κομμουνιστικής Νεολαίας. Ετόνισε δε ότι η επανάστασις είναι σοσιαλιστική και ότι θα συνεχισθή μέχρι τελικής νίκης.

ΣΧΟΛΙΑ ΤΗΣ ΟΥΑΣΙΓΚΤΩΝ

ΑΒΑΝΑ, 14. (Ρώυτερ). — Ο Δρ Φιντέλ Κάστρο ανεκοίνωσεν ότι θα οργανώση τους νέους εις Σύνδεσμον Κομμουνιστικής Νεολαίας. Ετόνισε δε ότι η επανάστασις είναι σοσιαλιστική και ότι θα συνεχισθή μέχρι τελικής νίκης.

ΟΙ ΕΞΟΡΙΣΤΟΙ ΑΛΗΘΙΝΟΝΟΥΝ

ΑΒΑΝΑ, 14. (Ρώυτερ). — Ο Δρ Φιντέλ Κάστρο ανεκοίνωσεν ότι θα οργανώση τους νέους εις Σύνδεσμον Κομμουνιστικής Νεολαίας. Ετόνισε δε ότι η επανάστασις είναι σοσιαλιστική και ότι θα συνεχισθή μέχρι τελικής νίκης.

ΑΝΕΧΩΡΗΣΕΝ ΕΙΣ ΚΡΗΤΗΝ Ο κ. ΒΕΝΙΖΕΛΟΣ
Η ΕΝΩΣΙΣ ΚΕΝΤΡΟΥ, ΕΙΠΕ, ΘΑ ΑΠΟΔΥΘΗ
ΕΙΣ ΕΝΤΟΝΟΝ ΑΝΤΙΚΥΒΕΡΝΗΤΙΚΟΝ ΑΓΩΝΑ

ΑΘΗΝΑΙ, 14. — Ανεχώρησεν σήμερον δια την Κρήτην ο κ. Σοφοκλής Βενιζέλος. Προ της αναχωρήσεως του δήλωσεν ότι η Ένωσις Κέντρου θα αποδυθή εις έντονον αντικυβερνητικόν αγώνα.

ΑΘΗΝΑΙ, 14. — Ανεχώρησεν σήμερον δια την Κρήτην ο κ. Σοφοκλής Βενιζέλος. Προ της αναχωρήσεως του δήλωσεν ότι η Ένωσις Κέντρου θα αποδυθή εις έντονον αντικυβερνητικόν αγώνα.

ΑΘΗΝΑΙ, 14. — Ανεχώρησεν σήμερον δια την Κρήτην ο κ. Σοφοκλής Βενιζέλος. Προ της αναχωρήσεως του δήλωσεν ότι η Ένωσις Κέντρου θα αποδυθή εις έντονον αντικυβερνητικόν αγώνα.

ΑΘΗΝΑΙ, 14. — Ανεχώρησεν σήμερον δια την Κρήτην ο κ. Σοφοκλής Βενιζέλος. Προ της αναχωρήσεως του δήλωσεν ότι η Ένωσις Κέντρου θα αποδυθή εις έντονον αντικυβερνητικόν αγώνα.

ΝΕΦΕΛΩΔΗΣ ΚΑΙΡΟΣ ΜΕΤΑ ΤΟΠΙΚΩΝ ΒΡΟΧΩΝ
ΔΙΕΤΑΧΘΗ Η ΑΝΑΣΤΟΛΗ ΑΠΟΠΛΟΥ ΠΛΟΙΩΝ
ΣΥΝΕΠΕΙΑ ΤΗΣ ΣΦΟΔΡΑΣ ΘΑΛΑΣΣΟΤΑΡΑΧΗΣ

Κατά τους μετεωρολόγους ο καιρός θα είναι νεφελώδης μετά τοπικών βροχών. Διετάχθη η αναστολή του απόπλου των πλοίων συνεπεία της σφοδράς θαλασσοταραχής.

ΑΝΑΣΤΟΛΗ ΠΛΟΩΝ

Κατά τους μετεωρολόγους ο καιρός θα είναι νεφελώδης μετά τοπικών βροχών. Διετάχθη η αναστολή του απόπλου των πλοίων συνεπεία της σφοδράς θαλασσοταραχής.

ΧΙΟΝΕΣ ΕΙΣ ΙΤΑΛΙΑΝ

Κατά τους μετεωρολόγους ο καιρός θα είναι νεφελώδης μετά τοπικών βροχών. Διετάχθη η αναστολή του απόπλου των πλοίων συνεπεία της σφοδράς θαλασσοταραχής.

ΒΡΟΧΑΙ ΕΙΣ ΦΛΩΡΙΝΑΝ

Κατά τους μετεωρολόγους ο καιρός θα είναι νεφελώδης μετά τοπικών βροχών. Διετάχθη η αναστολή του απόπλου των πλοίων συνεπεία της σφοδράς θαλασσοταραχής.

ΑΝΑΦΕΡΟΝΤΑΙ ΚΑΙ ΣΤΑ ΕΠΙΣΗΜΑ ΠΡΑΚΤΙΚΑ
ΑΙ ΠΕΡΙ ΔΙΚΤΑΤΟΡΙΑΣ ΑΠΑΡΑΔΕΚΤΟΙ ΓΝΩΜΑΙ
ΤΟΥ ΔΙΟΙΚΗΤΟΥ ΤΗΣ ΜΕΡΑΡΧΙΑΣ ΤΗΣ ΚΡΗΤΗΣ

ΗΡΑΚΛΕΙΟΝ, 14. — Εις τα επίσημα πρακτικά αναφέρονται αι περί δικτατορίας απαράδεκτοι γνώμαι του διοικητού της Μεραρχίας της Κρήτης, αι οποίαι προεκάλεσαν ζωηράς αντιδράσεις.

ΗΡΑΚΛΕΙΟΝ, 14. — Εις τα επίσημα πρακτικά αναφέρονται αι περί δικτατορίας απαράδεκτοι γνώμαι του διοικητού της Μεραρχίας της Κρήτης, αι οποίαι προεκάλεσαν ζωηράς αντιδράσεις.

ΗΡΑΚΛΕΙΟΝ, 14. — Εις τα επίσημα πρακτικά αναφέρονται αι περί δικτατορίας απαράδεκτοι γνώμαι του διοικητού της Μεραρχίας της Κρήτης, αι οποίαι προεκάλεσαν ζωηράς αντιδράσεις.

ΚΑΙ ΔΙΑΦΩΝΙΑΙ ΠΡΑΚΤΙΚΑ

ΗΡΑΚΛΕΙΟΝ, 14. — Εις τα επίσημα πρακτικά αναφέρονται αι περί δικτατορίας απαράδεκτοι γνώμαι του διοικητού της Μεραρχίας της Κρήτης, αι οποίαι προεκάλεσαν ζωηράς αντιδράσεις.

ΗΡΑΚΛΕΙΟΝ, 14. — Εις τα επίσημα πρακτικά αναφέρονται αι περί δικτατορίας απαράδεκτοι γνώμαι του διοικητού της Μεραρχίας της Κρήτης, αι οποίαι προεκάλεσαν ζωηράς αντιδράσεις.

ΑΙ ΗΝΩΜ. ΠΟΛΙΤΕΙΑΙ ΔΕΝ ΘΑ ΚΑΤΑΡΓΗΣΟΥΝ
ΤΗΝ ΑΤΟΜΙΚΗΝ ΔΥΝΑΜΙΝ ΚΡΟΥΣΕΩΣ ΤΟΥ ΝΑΤΟ
Απορρίπτουν την πρότασιν της Σοβ. Ενώσεως
περί δημιουργίας αποατομικοποιημένων Ζωνών

ΓΕΝΕΥΗ, 14. (Ασ. Πρ.). — Αι Ηνωμέναι Πολιτείαι δεν θα καταργήσουν την ατομικήν δύναμιν κρούσεως του ΝΑΤΟ. Απορρίπτουν την πρότασιν της Σοβιετικής Ενώσεως περί δημιουργίας αποατομικοποιημένων ζωνών εις την Ευρώπην.

ΓΕΝΕΥΗ, 14. (Ασ. Πρ.). — Αι Ηνωμέναι Πολιτείαι δεν θα καταργήσουν την ατομικήν δύναμιν κρούσεως του ΝΑΤΟ. Απορρίπτουν την πρότασιν της Σοβιετικής Ενώσεως περί δημιουργίας αποατομικοποιημένων ζωνών εις την Ευρώπην.

ΓΕΝΕΥΗ, 14. (Ασ. Πρ.). — Αι Ηνωμέναι Πολιτείαι δεν θα καταργήσουν την ατομικήν δύναμιν κρούσεως του ΝΑΤΟ. Απορρίπτουν την πρότασιν της Σοβιετικής Ενώσεως περί δημιουργίας αποατομικοποιημένων ζωνών εις την Ευρώπην.

ΓΕΝΕΥΗ, 14. (Ασ. Πρ.). — Αι Ηνωμέναι Πολιτείαι δεν θα καταργήσουν την ατομικήν δύναμιν κρούσεως του ΝΑΤΟ. Απορρίπτουν την πρότασιν της Σοβιετικής Ενώσεως περί δημιουργίας αποατομικοποιημένων ζωνών εις την Ευρώπην.
